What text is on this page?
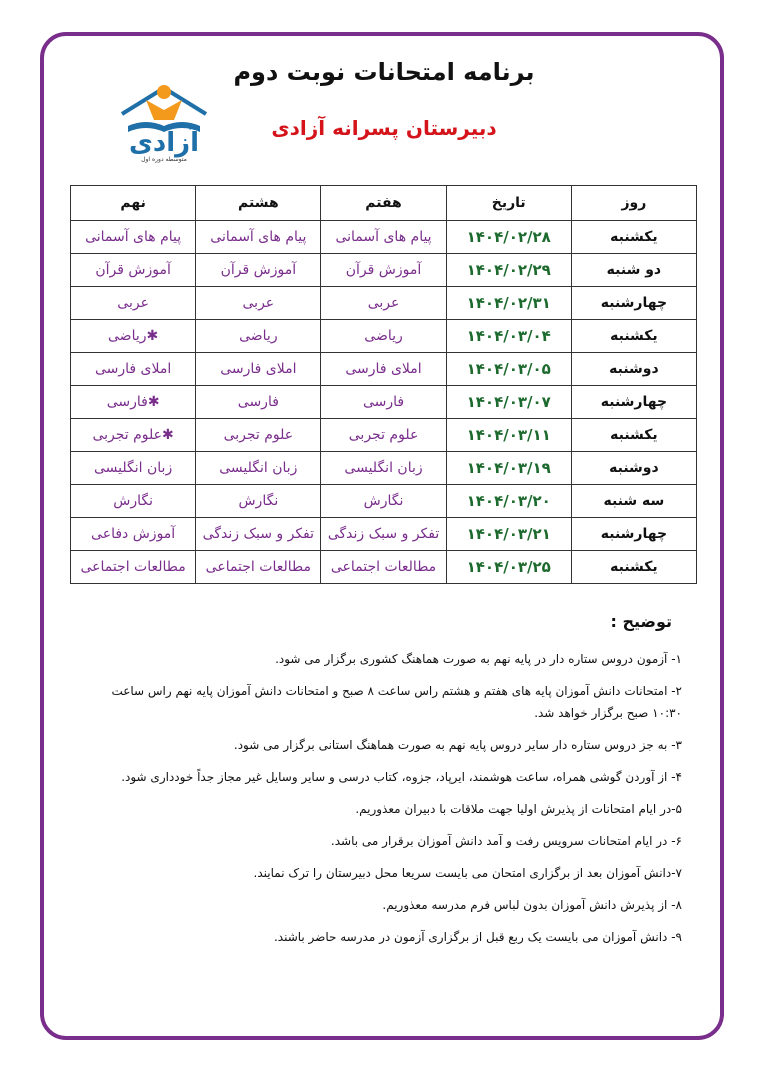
برنامه امتحانات نوبت دوم
دبیرستان پسرانه آزادی
آزادی
متوسطه دوره اول
روز	تاریخ	هفتم	هشتم	نهم
یکشنبه	۱۴۰۴/۰۲/۲۸	پیام های آسمانی	پیام های آسمانی	پیام های آسمانی
دو شنبه	۱۴۰۴/۰۲/۲۹	آموزش قرآن	آموزش قرآن	آموزش قرآن
چهارشنبه	۱۴۰۴/۰۲/۳۱	عربی	عربی	عربی
یکشنبه	۱۴۰۴/۰۳/۰۴	ریاضی	ریاضی	✱ریاضی
دوشنبه	۱۴۰۴/۰۳/۰۵	املای فارسی	املای فارسی	املای فارسی
چهارشنبه	۱۴۰۴/۰۳/۰۷	فارسی	فارسی	✱فارسی
یکشنبه	۱۴۰۴/۰۳/۱۱	علوم تجربی	علوم تجربی	✱علوم تجربی
دوشنبه	۱۴۰۴/۰۳/۱۹	زبان انگلیسی	زبان انگلیسی	زبان انگلیسی
سه شنبه	۱۴۰۴/۰۳/۲۰	نگارش	نگارش	نگارش
چهارشنبه	۱۴۰۴/۰۳/۲۱	تفکر و سبک زندگی	تفکر و سبک زندگی	آموزش دفاعی
یکشنبه	۱۴۰۴/۰۳/۲۵	مطالعات اجتماعی	مطالعات اجتماعی	مطالعات اجتماعی
توضیح :
۱- آزمون دروس ستاره دار در پایه نهم به صورت هماهنگ کشوری برگزار می شود.
۲- امتحانات دانش آموزان پایه های هفتم و هشتم راس ساعت ۸ صبح و امتحانات دانش آموزان پایه نهم راس ساعت ۱۰:۳۰ صبح برگزار خواهد شد.
۳- به جز دروس ستاره دار سایر دروس پایه نهم به صورت هماهنگ استانی برگزار می شود.
۴- از آوردن گوشی همراه، ساعت هوشمند، ایرپاد، جزوه، کتاب درسی و سایر وسایل غیر مجاز جداً خودداری شود.
۵-در ایام امتحانات از پذیرش اولیا جهت ملاقات با دبیران معذوریم.
۶- در ایام امتحانات سرویس رفت و آمد دانش آموزان برقرار می باشد.
۷-دانش آموزان بعد از برگزاری امتحان می بایست سریعا محل دبیرستان را ترک نمایند.
۸- از پذیرش دانش آموزان بدون لباس فرم مدرسه معذوریم.
۹- دانش آموزان می بایست یک ربع قبل از برگزاری آزمون در مدرسه حاضر باشند.
